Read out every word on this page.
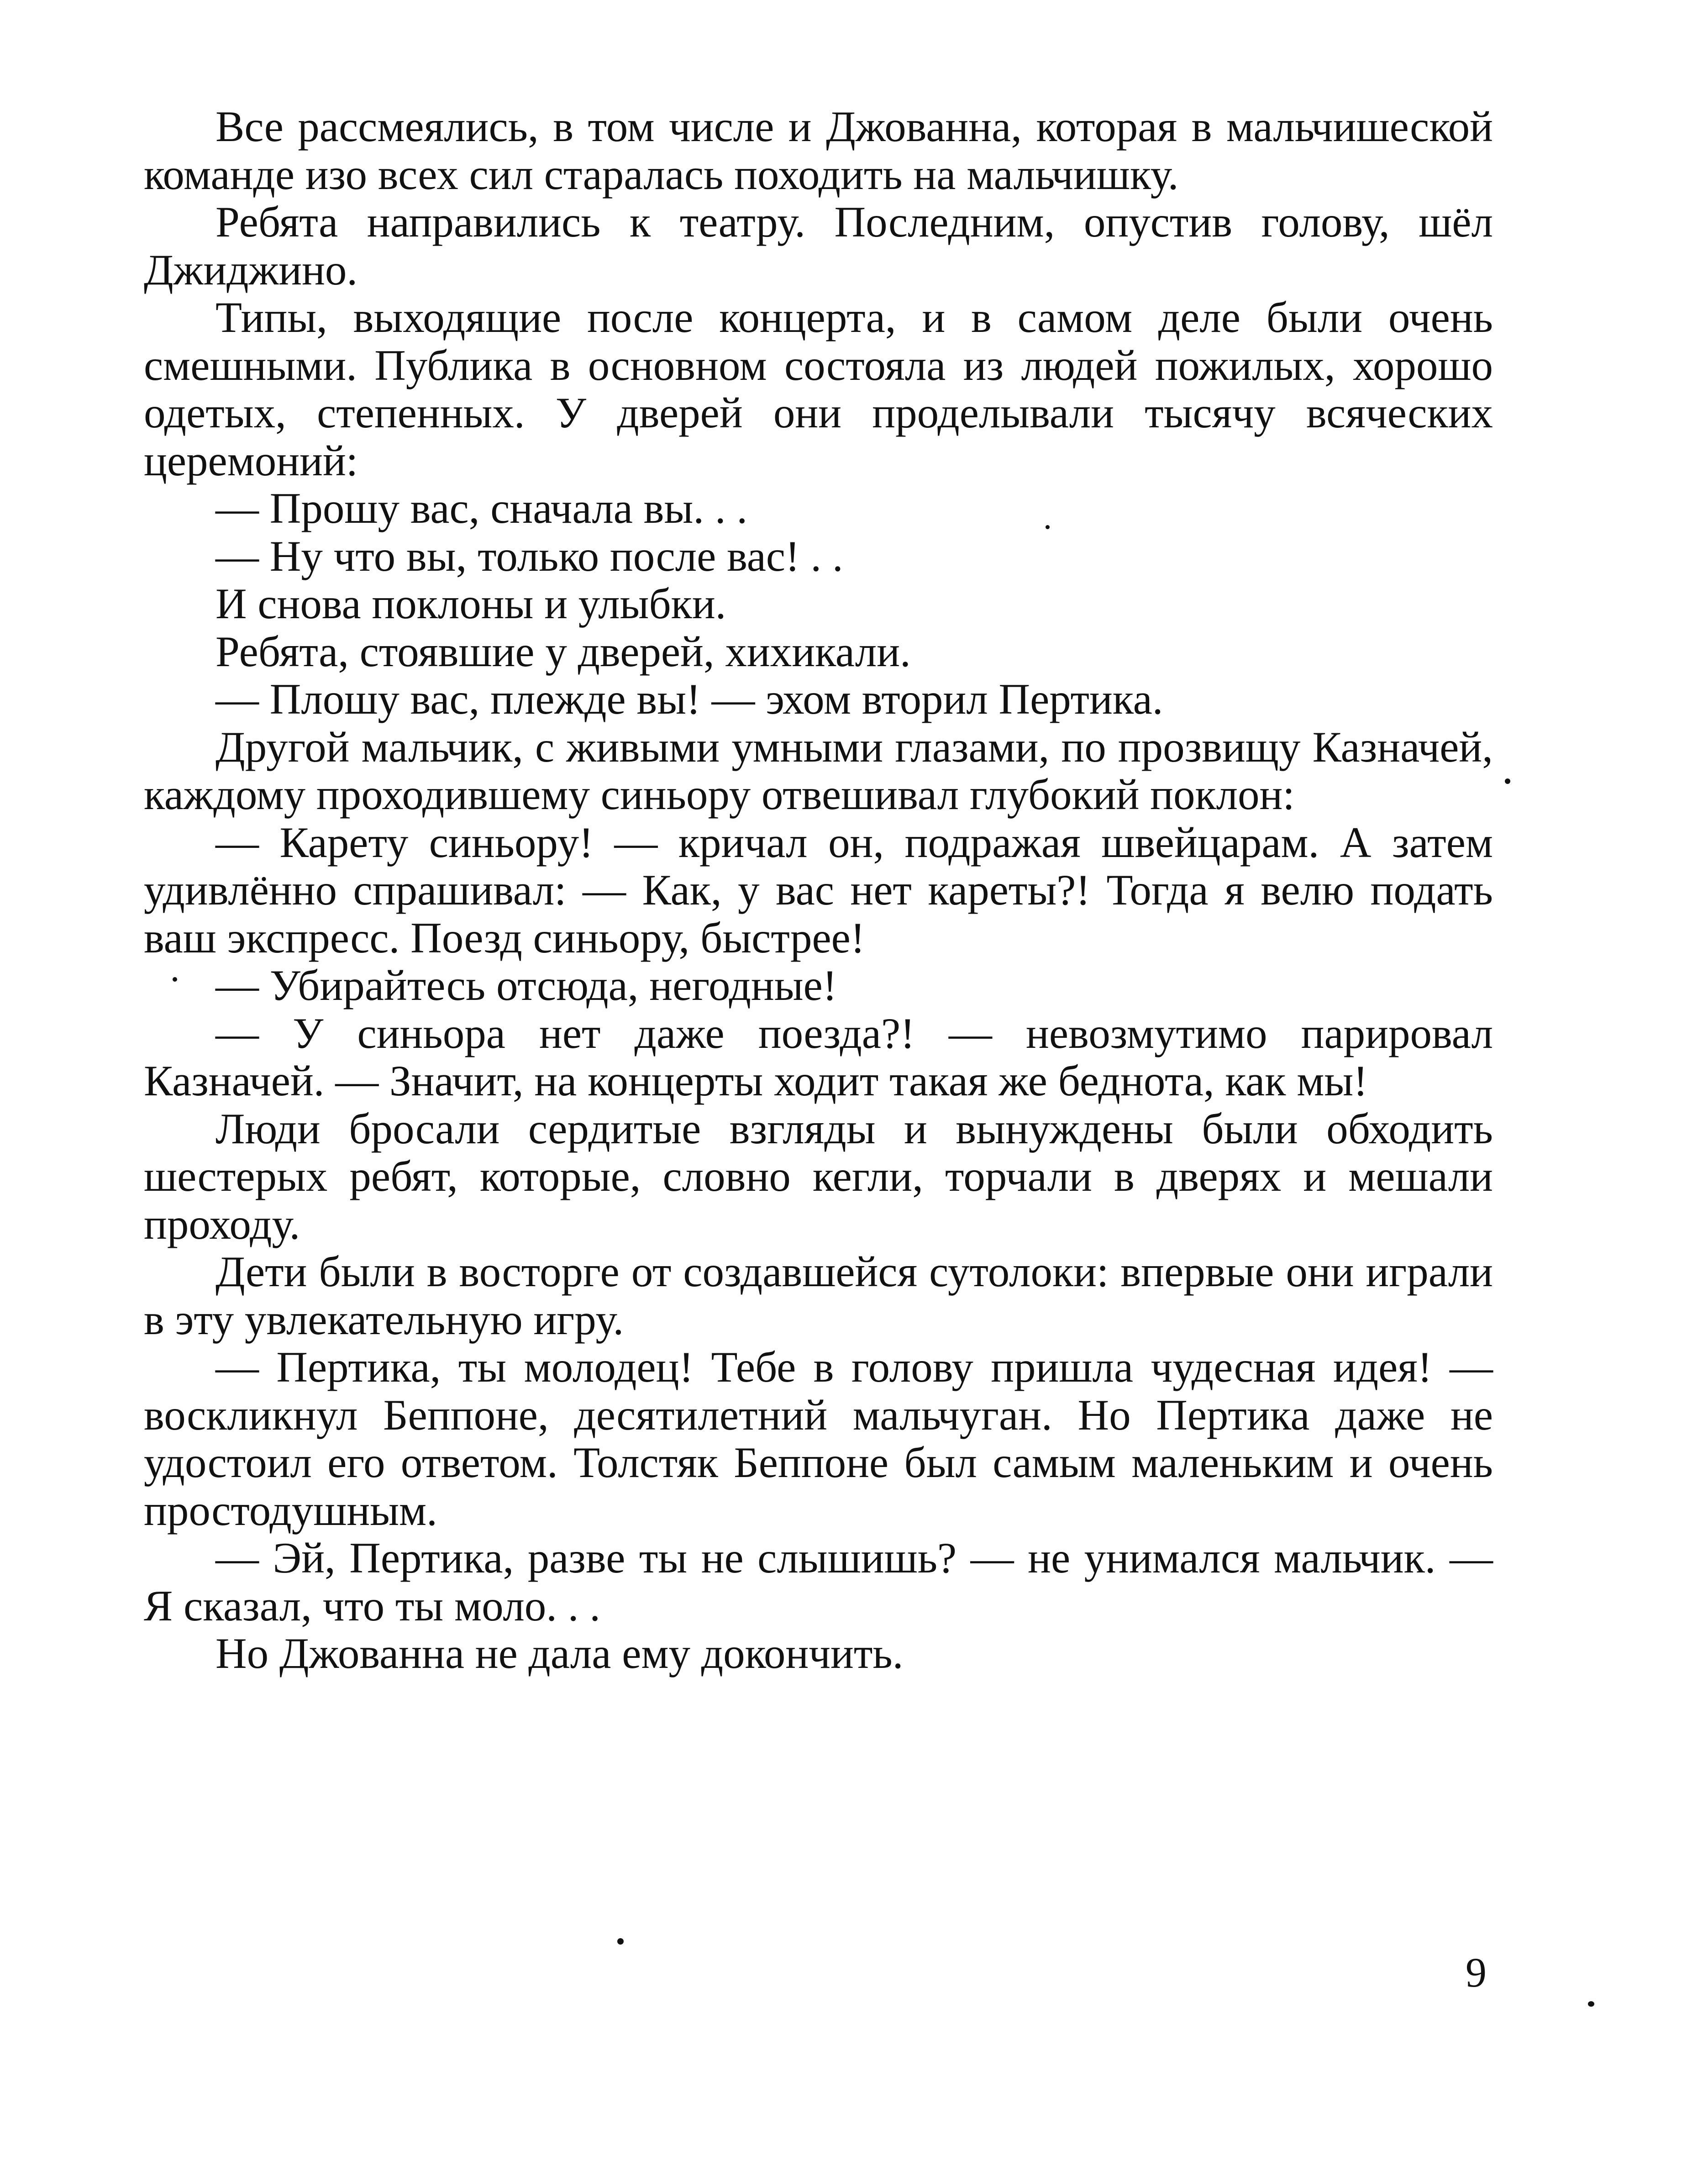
Все рассмеялись, в том числе и Джованна, которая в мальчишеской команде изо всех сил старалась походить на мальчишку.

Ребята направились к театру. Последним, опустив голову, шёл Джиджино.

Типы, выходящие после концерта, и в самом деле были очень смешными. Публика в основном состояла из людей пожилых, хорошо одетых, степенных. У дверей они проделывали тысячу всяческих церемоний:

— Прошу вас, сначала вы. . .

— Ну что вы, только после вас! . .

И снова поклоны и улыбки.

Ребята, стоявшие у дверей, хихикали.

— Плошу вас, плежде вы! — эхом вторил Пертика.

Другой мальчик, с живыми умными глазами, по прозвищу Казначей, каждому проходившему синьору отвешивал глубокий поклон:

— Карету синьору! — кричал он, подражая швейцарам. А затем удивлённо спрашивал: — Как, у вас нет кареты?! Тогда я велю подать ваш экспресс. Поезд синьору, быстрее!

— Убирайтесь отсюда, негодные!

— У синьора нет даже поезда?! — невозмутимо парировал Казначей. — Значит, на концерты ходит такая же беднота, как мы!

Люди бросали сердитые взгляды и вынуждены были обходить шестерых ребят, которые, словно кегли, торчали в дверях и мешали проходу.

Дети были в восторге от создавшейся сутолоки: впервые они играли в эту увлекательную игру.

— Пертика, ты молодец! Тебе в голову пришла чудесная идея! — воскликнул Беппоне, десятилетний мальчуган. Но Пертика даже не удостоил его ответом. Толстяк Беппоне был самым маленьким и очень простодушным.

— Эй, Пертика, разве ты не слышишь? — не унимался мальчик. — Я сказал, что ты моло. . .

Но Джованна не дала ему докончить.

9
